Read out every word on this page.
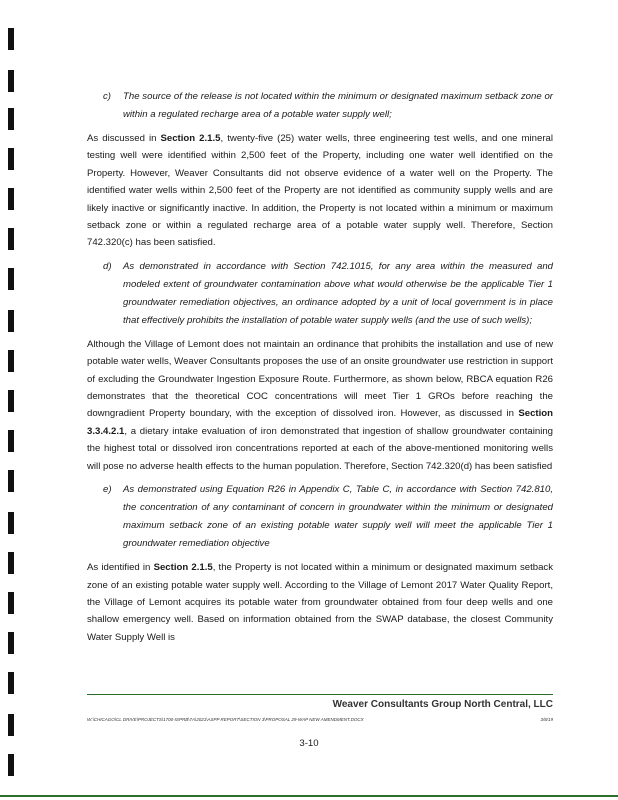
c)	The source of the release is not located within the minimum or designated maximum setback zone or within a regulated recharge area of a potable water supply well;

As discussed in Section 2.1.5, twenty-five (25) water wells, three engineering test wells, and one mineral testing well were identified within 2,500 feet of the Property, including one water well identified on the Property. However, Weaver Consultants did not observe evidence of a water well on the Property. The identified water wells within 2,500 feet of the Property are not identified as community supply wells and are likely inactive or significantly inactive. In addition, the Property is not located within a minimum or maximum setback zone or within a regulated recharge area of a potable water supply well. Therefore, Section 742.320(c) has been satisfied.

d)	As demonstrated in accordance with Section 742.1015, for any area within the measured and modeled extent of groundwater contamination above what would otherwise be the applicable Tier 1 groundwater remediation objectives, an ordinance adopted by a unit of local government is in place that effectively prohibits the installation of potable water supply wells (and the use of such wells);

Although the Village of Lemont does not maintain an ordinance that prohibits the installation and use of new potable water wells, Weaver Consultants proposes the use of an onsite groundwater use restriction in support of excluding the Groundwater Ingestion Exposure Route. Furthermore, as shown below, RBCA equation R26 demonstrates that the theoretical COC concentrations will meet Tier 1 GROs before reaching the downgradient Property boundary, with the exception of dissolved iron. However, as discussed in Section 3.3.4.2.1, a dietary intake evaluation of iron demonstrated that ingestion of shallow groundwater containing the highest total or dissolved iron concentrations reported at each of the above-mentioned monitoring wells will pose no adverse health effects to the human population. Therefore, Section 742.320(d) has been satisfied

e)	As demonstrated using Equation R26 in Appendix C, Table C, in accordance with Section 742.810, the concentration of any contaminant of concern in groundwater within the minimum or designated maximum setback zone of an existing potable water supply well will meet the applicable Tier 1 groundwater remediation objective

As identified in Section 2.1.5, the Property is not located within a minimum or designated maximum setback zone of an existing potable water supply well. According to the Village of Lemont 2017 Water Quality Report, the Village of Lemont acquires its potable water from groundwater obtained from four deep wells and one shallow emergency well. Based on information obtained from the SWAP database, the closest Community Water Supply Well is

Weaver Consultants Group North Central, LLC
W:\CHICAGO\CL DRIVE\PROJECTS\1700-ISPRB\7A\2021\ASPP REPORT\SECTION 3\PROPOSAL 29-WAP NEW AMENDMENT.DOCX	3/8/19
3-10
